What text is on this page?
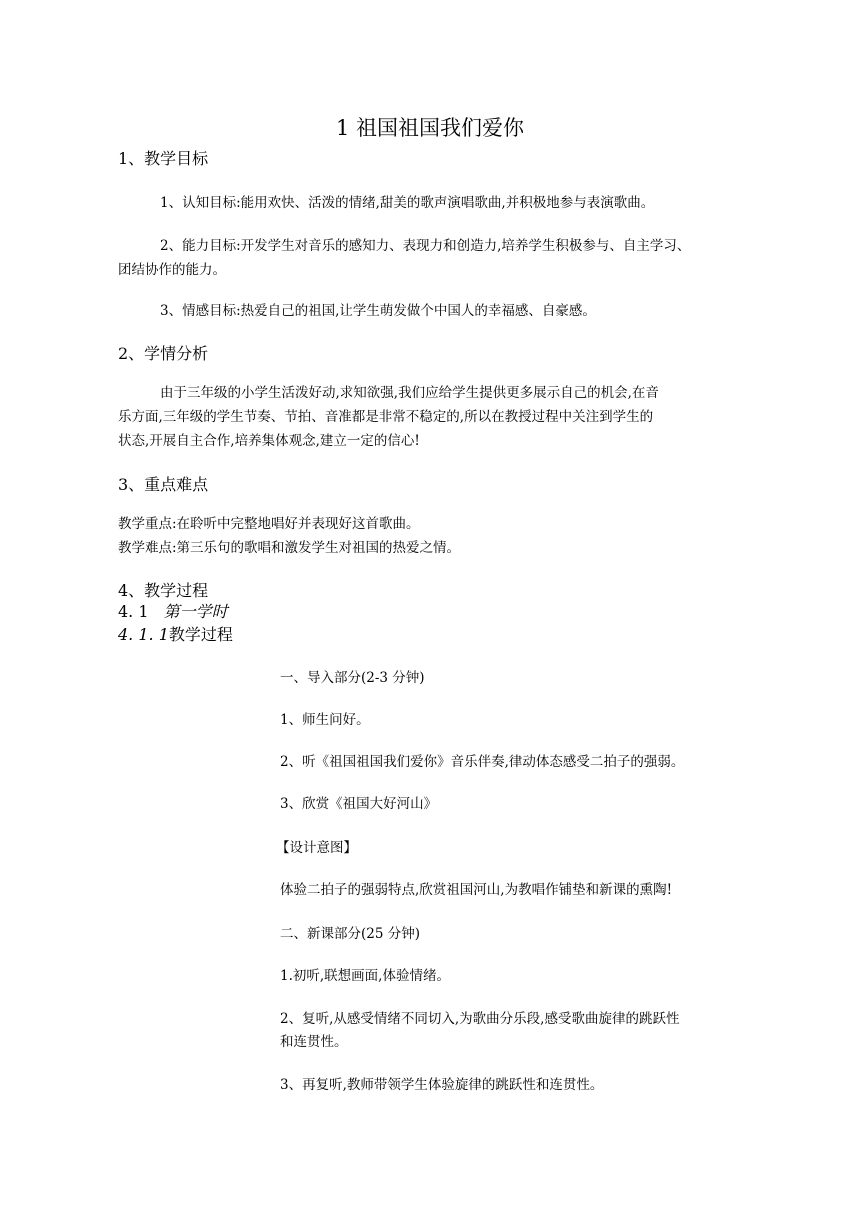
1 祖国祖国我们爱你
1、教学目标
1、认知目标:能用欢快、活泼的情绪,甜美的歌声演唱歌曲,并积极地参与表演歌曲。
2、能力目标:开发学生对音乐的感知力、表现力和创造力,培养学生积极参与、自主学习、
团结协作的能力。
3、情感目标:热爱自己的祖国,让学生萌发做个中国人的幸福感、自豪感。
2、学情分析
由于三年级的小学生活泼好动,求知欲强,我们应给学生提供更多展示自己的机会,在音
乐方面,三年级的学生节奏、节拍、音准都是非常不稳定的,所以在教授过程中关注到学生的
状态,开展自主合作,培养集体观念,建立一定的信心!
3、重点难点
教学重点:在聆听中完整地唱好并表现好这首歌曲。
教学难点:第三乐句的歌唱和激发学生对祖国的热爱之情。
4、教学过程
4. 1 第一学时
4. 1. 1教学过程
一、导入部分(2-3 分钟)
1、师生问好。
2、听《祖国祖国我们爱你》音乐伴奏,律动体态感受二拍子的强弱。
3、欣赏《祖国大好河山》
【设计意图】
体验二拍子的强弱特点,欣赏祖国河山,为教唱作铺垫和新课的熏陶!
二、新课部分(25 分钟)
1.初听,联想画面,体验情绪。
2、复听,从感受情绪不同切入,为歌曲分乐段,感受歌曲旋律的跳跃性
和连贯性。
3、再复听,教师带领学生体验旋律的跳跃性和连贯性。
